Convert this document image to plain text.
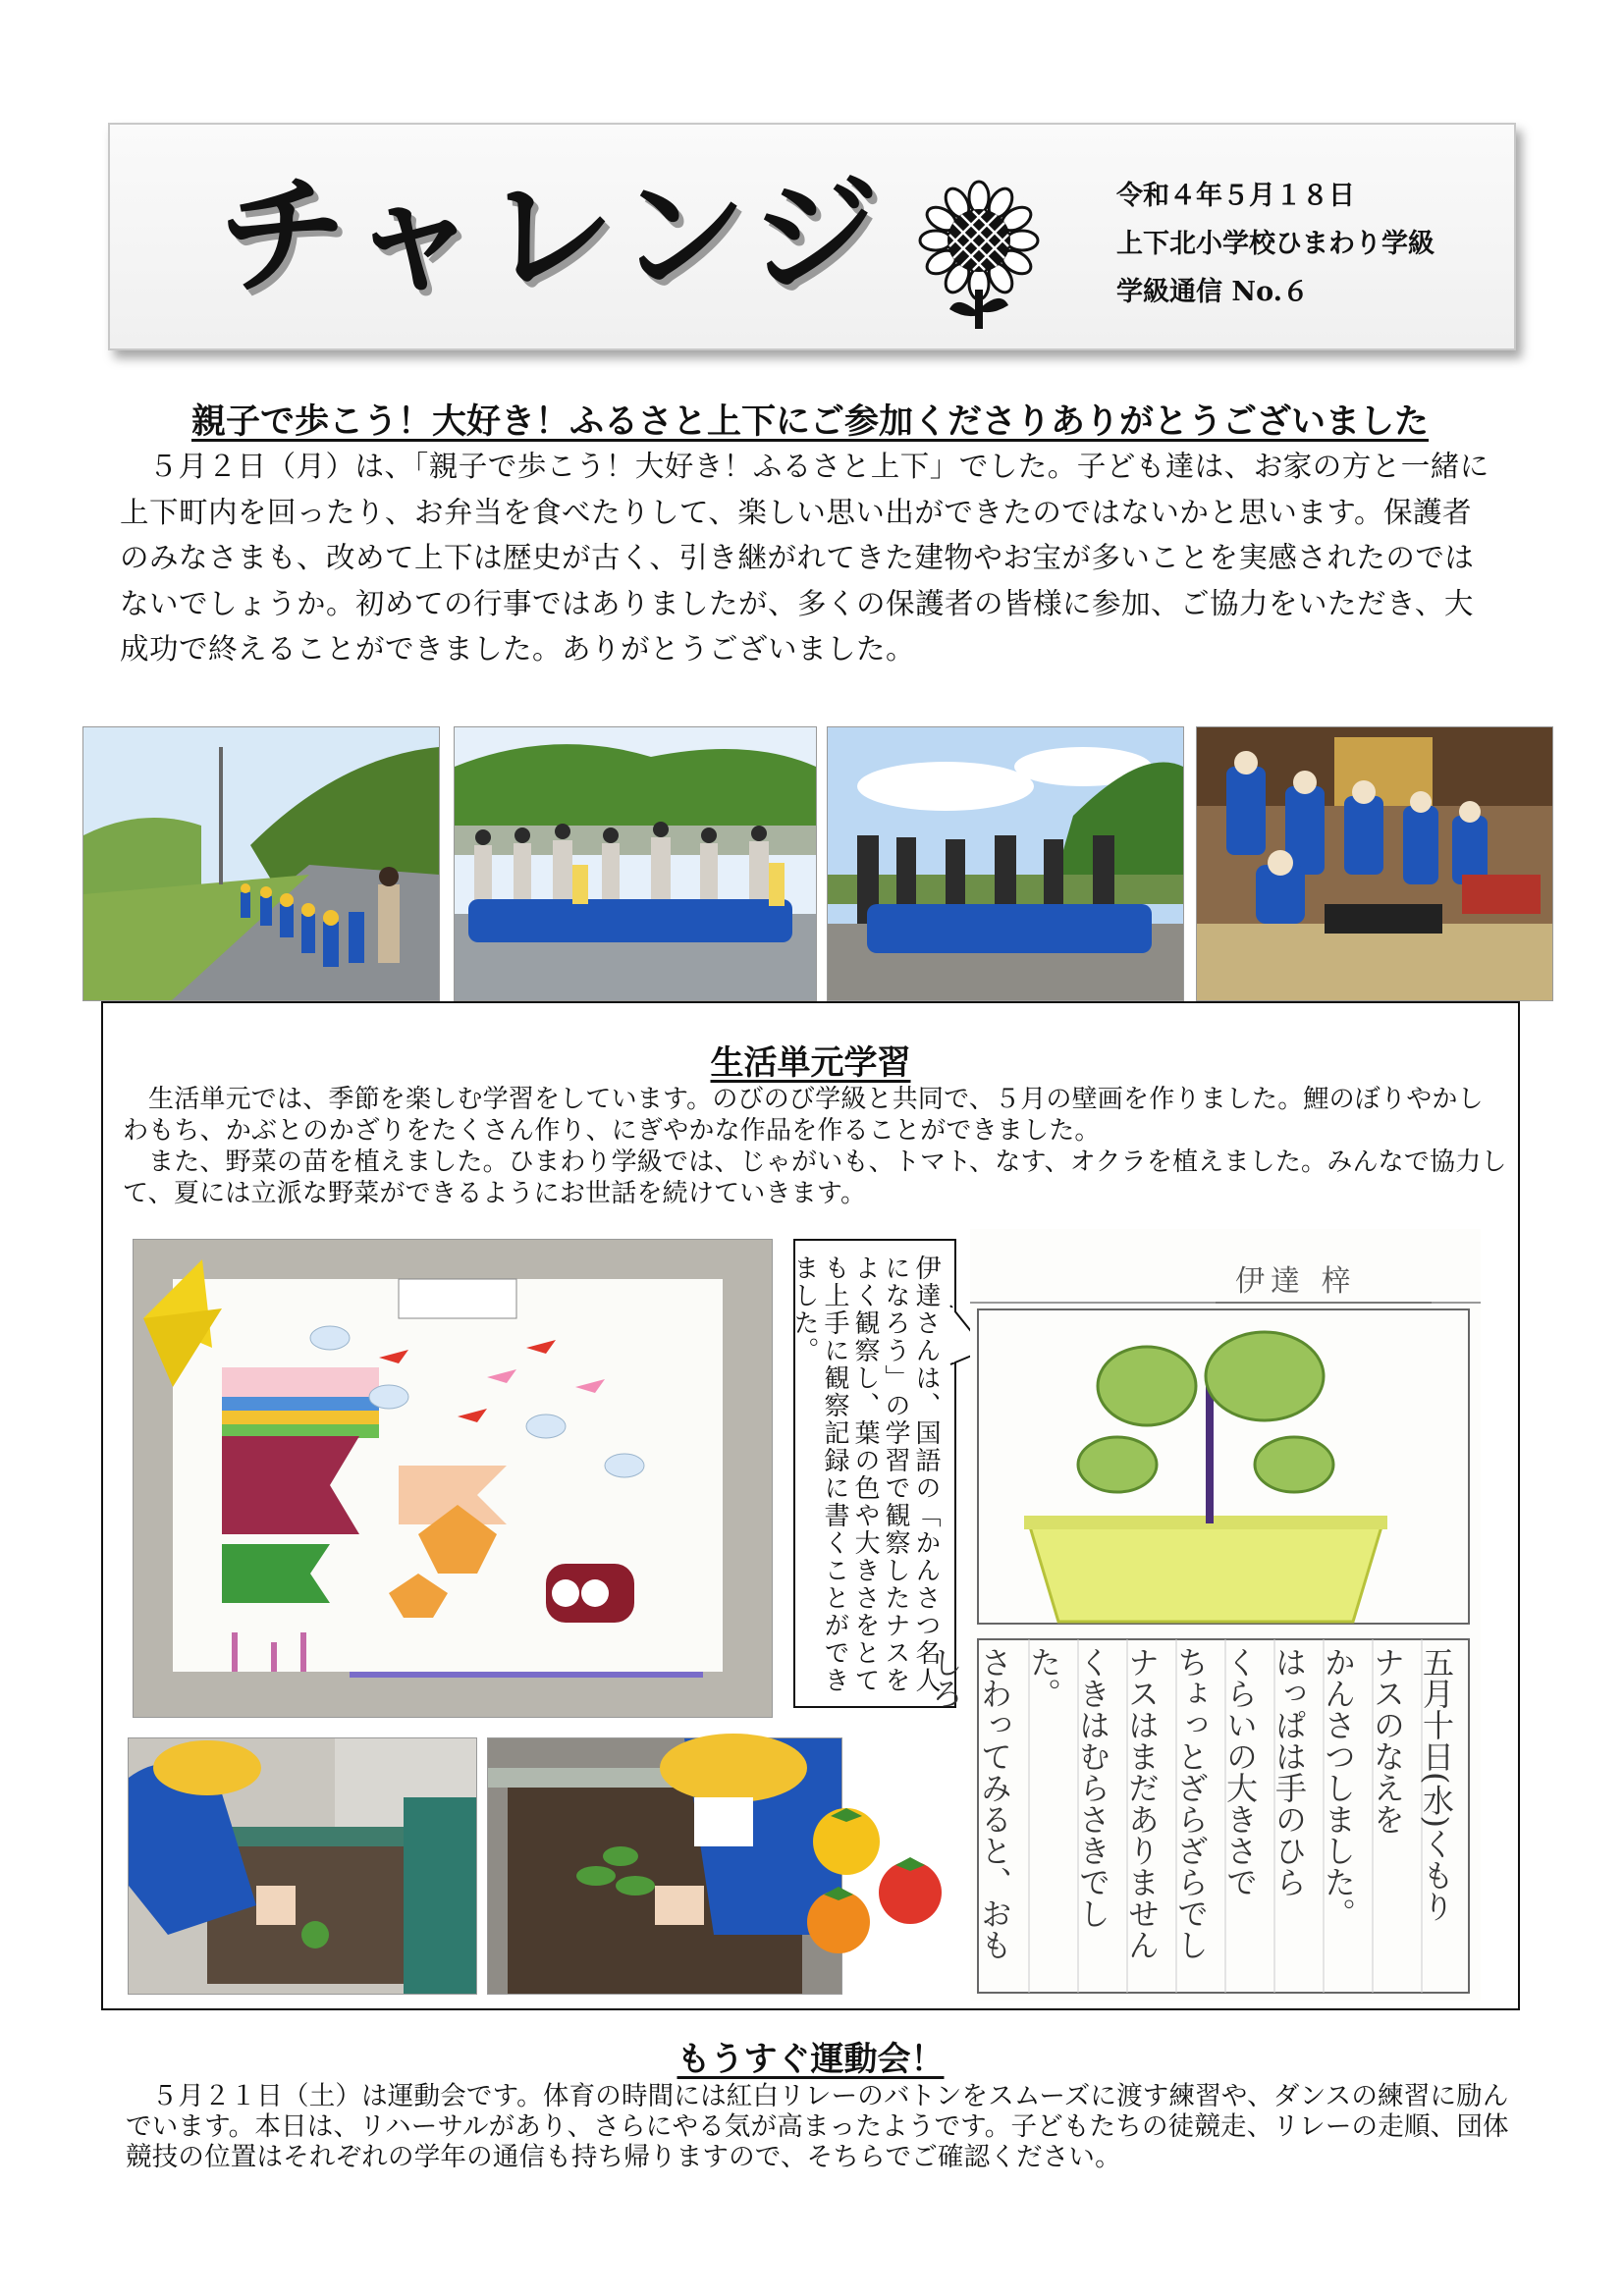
チャレンジ	令和４年５月１８日
上下北小学校ひまわり学級
学級通信 No.６
親子で歩こう！大好き！ふるさと上下にご参加くださりありがとうございました
５月２日（月）は、「親子で歩こう！大好き！ふるさと上下」でした。子ども達は、お家の方と一緒に上下町内を回ったり、お弁当を食べたりして、楽しい思い出ができたのではないかと思います。保護者のみなさまも、改めて上下は歴史が古く、引き継がれてきた建物やお宝が多いことを実感されたのではないでしょうか。初めての行事ではありましたが、多くの保護者の皆様に参加、ご協力をいただき、大成功で終えることができました。ありがとうございました。
生活単元学習

生活単元では、季節を楽しむ学習をしています。のびのび学級と共同で、５月の壁画を作りました。鯉のぼりやかしわもち、かぶとのかざりをたくさん作り、にぎやかな作品を作ることができました。

また、野菜の苗を植えました。ひまわり学級では、じゃがいも、トマト、なす、オクラを植えました。みんなで協力して、夏には立派な野菜ができるようにお世話を続けていきます。

伊達さんは、国語の「かんさつ名人になろう」の学習で観察したナスをよく観察し、葉の色や大きさをとても上手に観察記録に書くことができました。	伊達 梓
五月十日(水)くもり
ナスのなえを
かんさつしました。
はっぱは手のひら
くらいの大きさで
ちょっとざらざらでし
ナスはまだありません
くきはむらさきでした。
さわってみると、おもしろ
もうすぐ運動会！
５月２１日（土）は運動会です。体育の時間には紅白リレーのバトンをスムーズに渡す練習や、ダンスの練習に励んでいます。本日は、リハーサルがあり、さらにやる気が高まったようです。子どもたちの徒競走、リレーの走順、団体競技の位置はそれぞれの学年の通信も持ち帰りますので、そちらでご確認ください。
